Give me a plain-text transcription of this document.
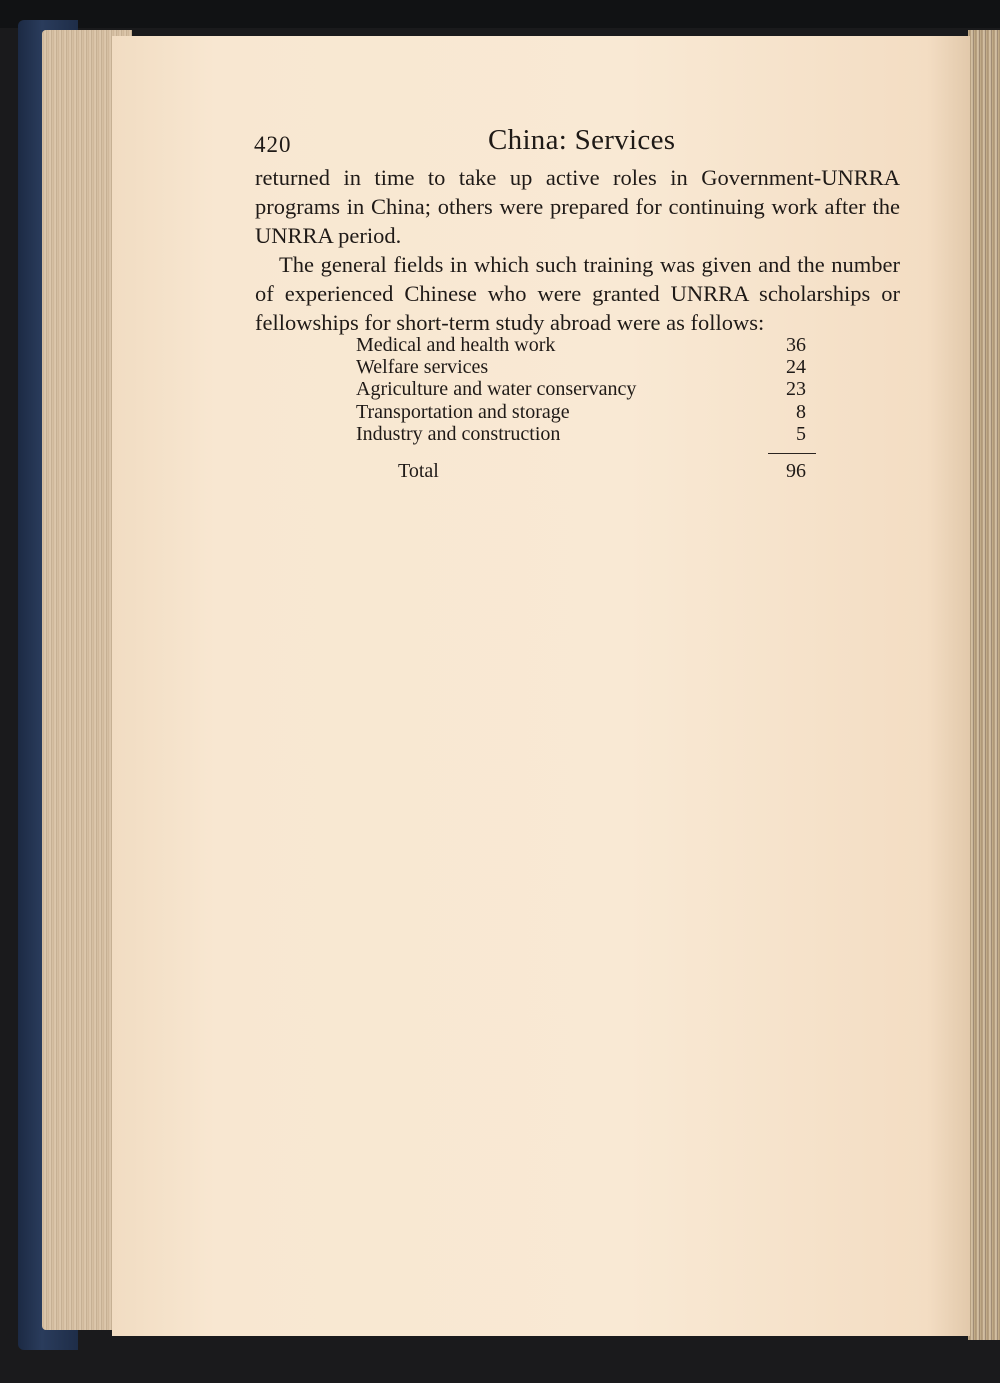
420	China: Services

returned in time to take up active roles in Government-UNRRA programs in China; others were prepared for continuing work after the UNRRA period.

The general fields in which such training was given and the number of experienced Chinese who were granted UNRRA scholarships or fellowships for short-term study abroad were as follows:

Medical and health work	36
Welfare services	24
Agriculture and water conservancy	23
Transportation and storage	8
Industry and construction	5
Total	96
